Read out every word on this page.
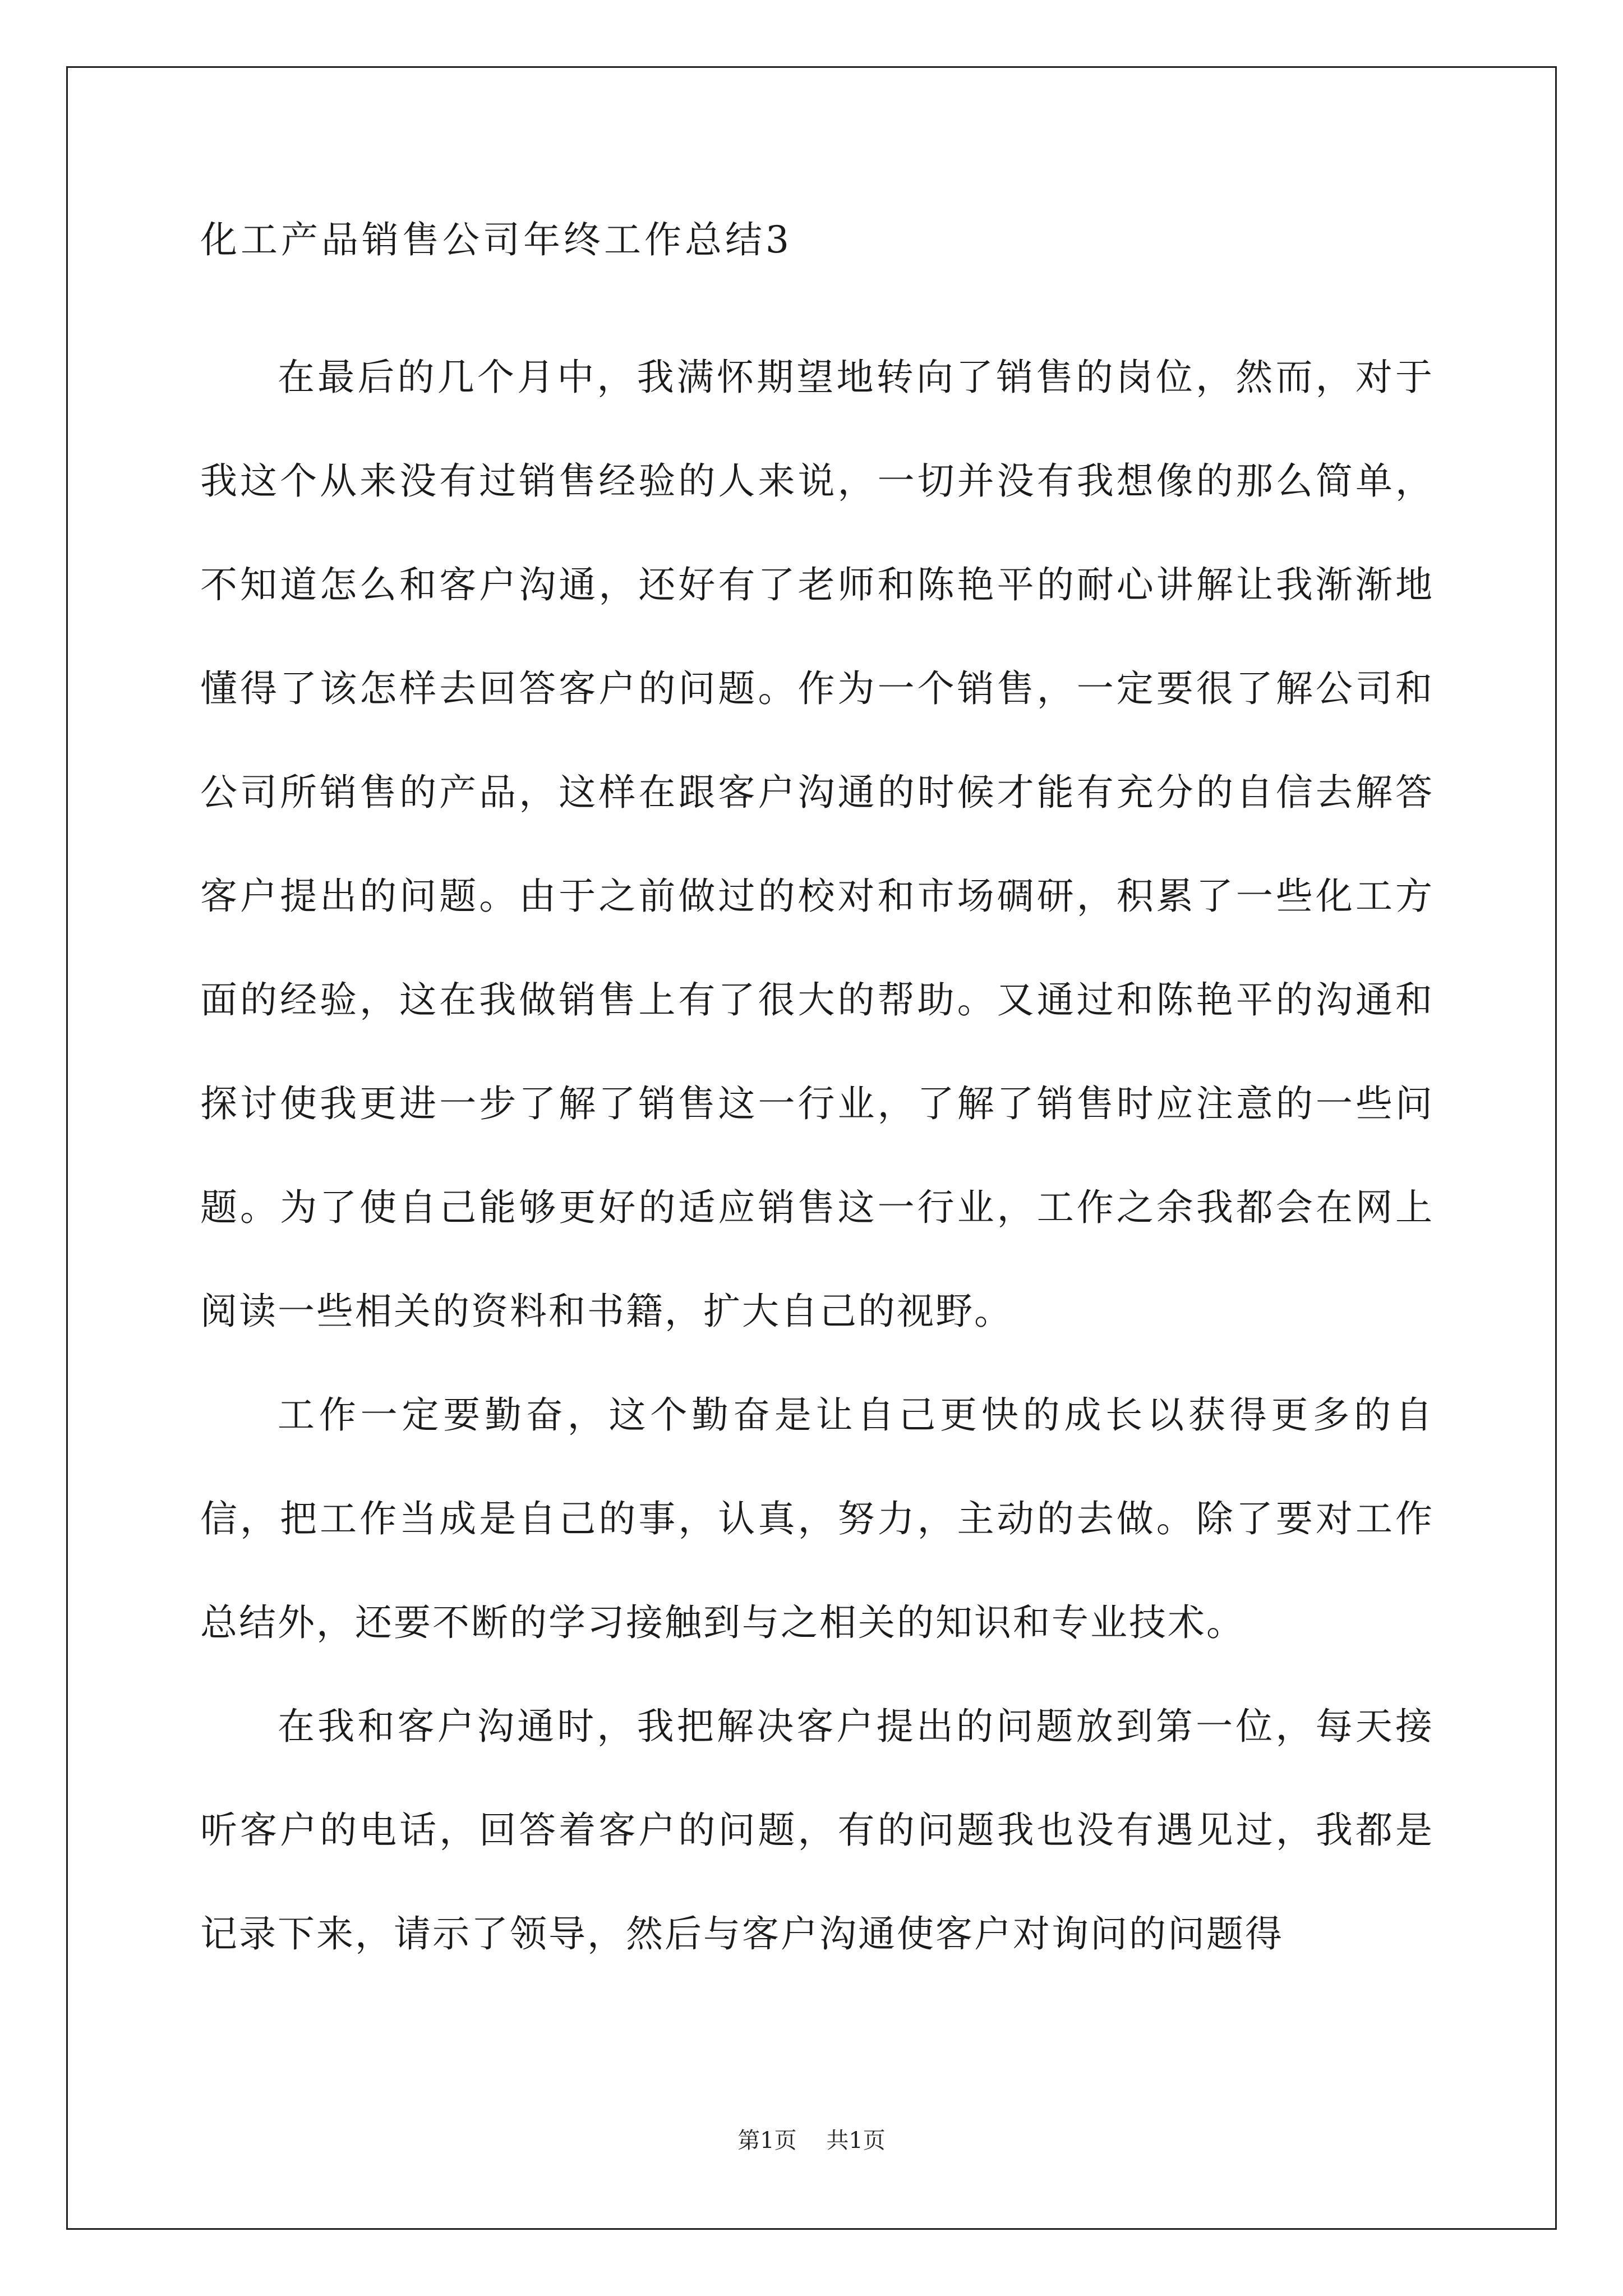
化工产品销售公司年终工作总结3

在最后的几个月中，我满怀期望地转向了销售的岗位，然而，对于我这个从来没有过销售经验的人来说，一切并没有我想像的那么简单，不知道怎么和客户沟通，还好有了老师和陈艳平的耐心讲解让我渐渐地懂得了该怎样去回答客户的问题。作为一个销售，一定要很了解公司和公司所销售的产品，这样在跟客户沟通的时候才能有充分的自信去解答客户提出的问题。由于之前做过的校对和市场碉研，积累了一些化工方面的经验，这在我做销售上有了很大的帮助。又通过和陈艳平的沟通和探讨使我更进一步了解了销售这一行业，了解了销售时应注意的一些问题。为了使自己能够更好的适应销售这一行业，工作之余我都会在网上阅读一些相关的资料和书籍，扩大自己的视野。

工作一定要勤奋，这个勤奋是让自己更快的成长以获得更多的自信，把工作当成是自己的事，认真，努力，主动的去做。除了要对工作总结外，还要不断的学习接触到与之相关的知识和专业技术。

在我和客户沟通时，我把解决客户提出的问题放到第一位，每天接听客户的电话，回答着客户的问题，有的问题我也没有遇见过，我都是记录下来，请示了领导，然后与客户沟通使客户对询问的问题得

第1页 共1页
